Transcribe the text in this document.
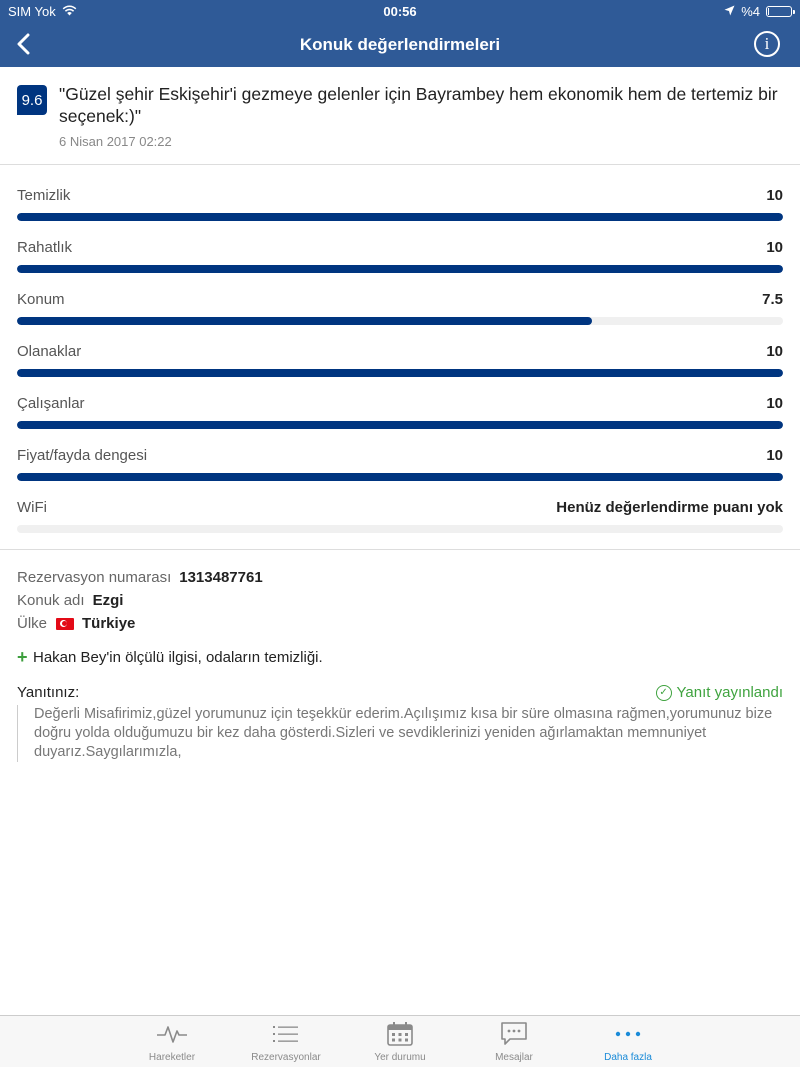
SIM Yok	00:56	%4
Konuk değerlendirmeleri	i
9.6 "Güzel şehir Eskişehir'i gezmeye gelenler için Bayrambey hem ekonomik hem de tertemiz bir seçenek:)"
6 Nisan 2017 02:22
Temizlik	10
Rahatlık	10
Konum	7.5
Olanaklar	10
Çalışanlar	10
Fiyat/fayda dengesi	10
WiFi	Henüz değerlendirme puanı yok
Rezervasyon numarası 1313487761
Konuk adı Ezgi
Ülke Türkiye
+ Hakan Bey'in ölçülü ilgisi, odaların temizliği.
Yanıtınız:	✓ Yanıt yayınlandı
Değerli Misafirimiz,güzel yorumunuz için teşekkür ederim.Açılışımız kısa bir süre olmasına rağmen,yorumunuz bize doğru yolda olduğumuzu bir kez daha gösterdi.Sizleri ve sevdiklerinizi yeniden ağırlamaktan memnuniyet duyarız.Saygılarımızla,
Hareketler	Rezervasyonlar	Yer durumu	Mesajlar	Daha fazla
